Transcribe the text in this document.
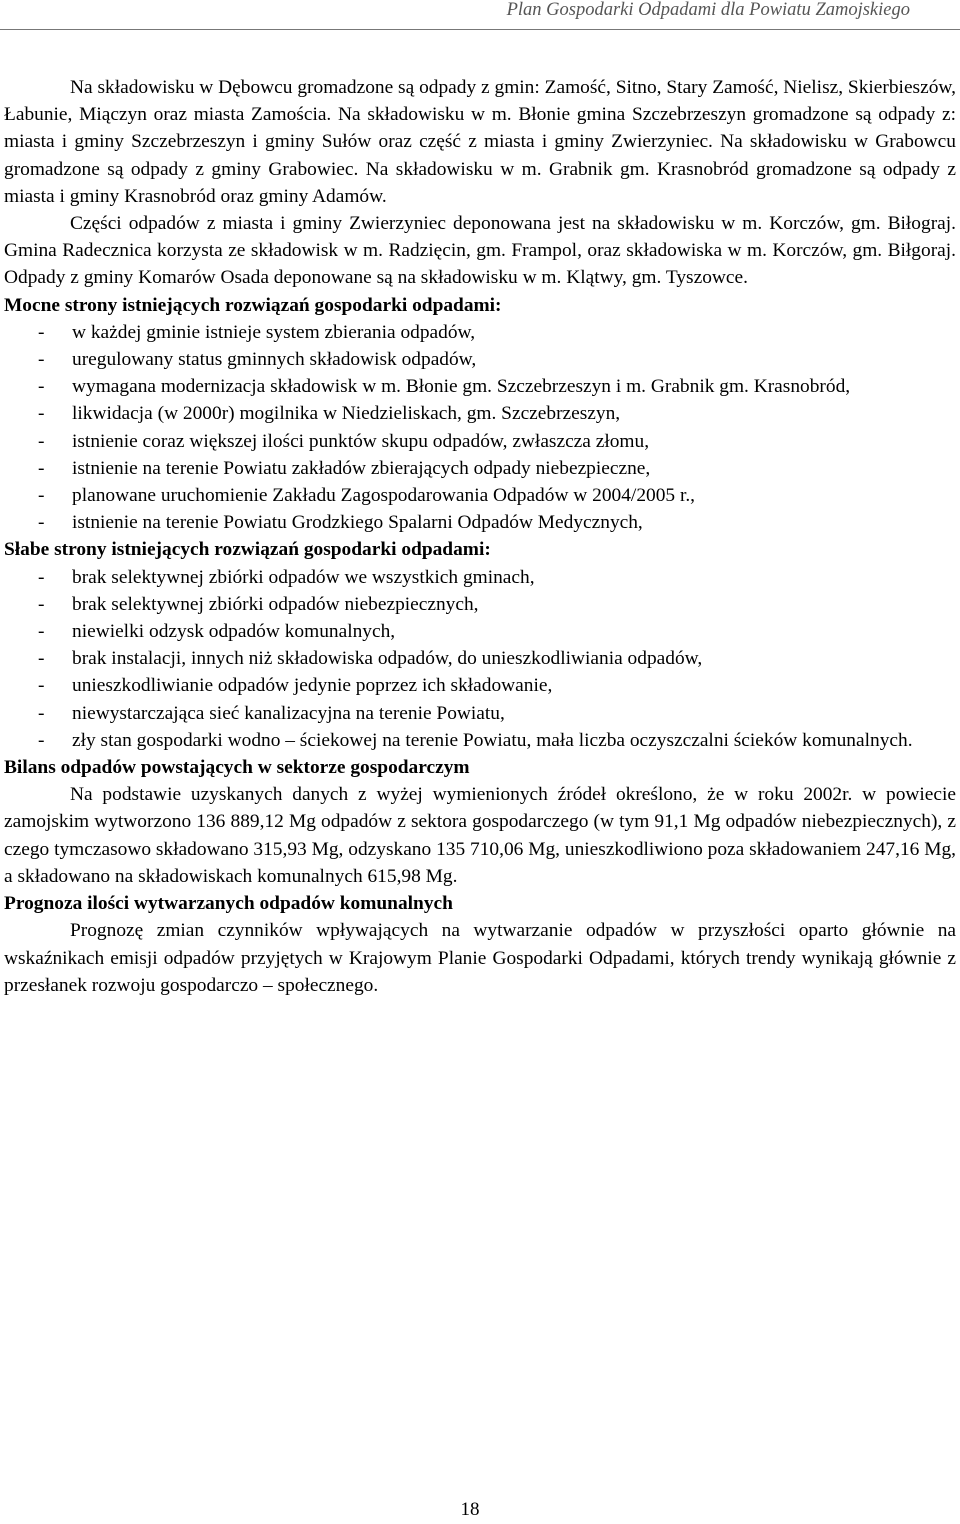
Plan Gospodarki Odpadami dla Powiatu Zamojskiego

Na składowisku w Dębowcu gromadzone są odpady z gmin: Zamość, Sitno, Stary Zamość, Nielisz, Skierbieszów, Łabunie, Miączyn oraz miasta Zamościa. Na składowisku w m. Błonie gmina Szczebrzeszyn gromadzone są odpady z: miasta i gminy Szczebrzeszyn i gminy Sułów oraz część z miasta i gminy Zwierzyniec. Na składowisku w Grabowcu gromadzone są odpady z gminy Grabowiec. Na składowisku w m. Grabnik gm. Krasnobród gromadzone są odpady z miasta i gminy Krasnobród oraz gminy Adamów.

Części odpadów z miasta i gminy Zwierzyniec deponowana jest na składowisku w m. Korczów, gm. Biłograj. Gmina Radecznica korzysta ze składowisk w m. Radzięcin, gm. Frampol, oraz składowiska w m. Korczów, gm. Biłgoraj. Odpady z gminy Komarów Osada deponowane są na składowisku w m. Klątwy, gm. Tyszowce.

Mocne strony istniejących rozwiązań gospodarki odpadami:

- w każdej gminie istnieje system zbierania odpadów,
- uregulowany status gminnych składowisk odpadów,
- wymagana modernizacja składowisk w m. Błonie gm. Szczebrzeszyn i m. Grabnik gm. Krasnobród,
- likwidacja (w 2000r) mogilnika w Niedzieliskach, gm. Szczebrzeszyn,
- istnienie coraz większej ilości punktów skupu odpadów, zwłaszcza złomu,
- istnienie na terenie Powiatu zakładów zbierających odpady niebezpieczne,
- planowane uruchomienie Zakładu Zagospodarowania Odpadów w 2004/2005 r.,
- istnienie na terenie Powiatu Grodzkiego Spalarni Odpadów Medycznych,

Słabe strony istniejących rozwiązań gospodarki odpadami:

- brak selektywnej zbiórki odpadów we wszystkich gminach,
- brak selektywnej zbiórki odpadów niebezpiecznych,
- niewielki odzysk odpadów komunalnych,
- brak instalacji, innych niż składowiska odpadów, do unieszkodliwiania odpadów,
- unieszkodliwianie odpadów jedynie poprzez ich składowanie,
- niewystarczająca sieć kanalizacyjna na terenie Powiatu,
- zły stan gospodarki wodno – ściekowej na terenie Powiatu, mała liczba oczyszczalni ścieków komunalnych.

Bilans odpadów powstających w sektorze gospodarczym

Na podstawie uzyskanych danych z wyżej wymienionych źródeł określono, że w roku 2002r. w powiecie zamojskim wytworzono 136 889,12 Mg odpadów z sektora gospodarczego (w tym 91,1 Mg odpadów niebezpiecznych), z czego tymczasowo składowano 315,93 Mg, odzyskano 135 710,06 Mg, unieszkodliwiono poza składowaniem 247,16 Mg, a składowano na składowiskach komunalnych 615,98 Mg.

Prognoza ilości wytwarzanych odpadów komunalnych

Prognozę zmian czynników wpływających na wytwarzanie odpadów w przyszłości oparto głównie na wskaźnikach emisji odpadów przyjętych w Krajowym Planie Gospodarki Odpadami, których trendy wynikają głównie z przesłanek rozwoju gospodarczo – społecznego.

18
